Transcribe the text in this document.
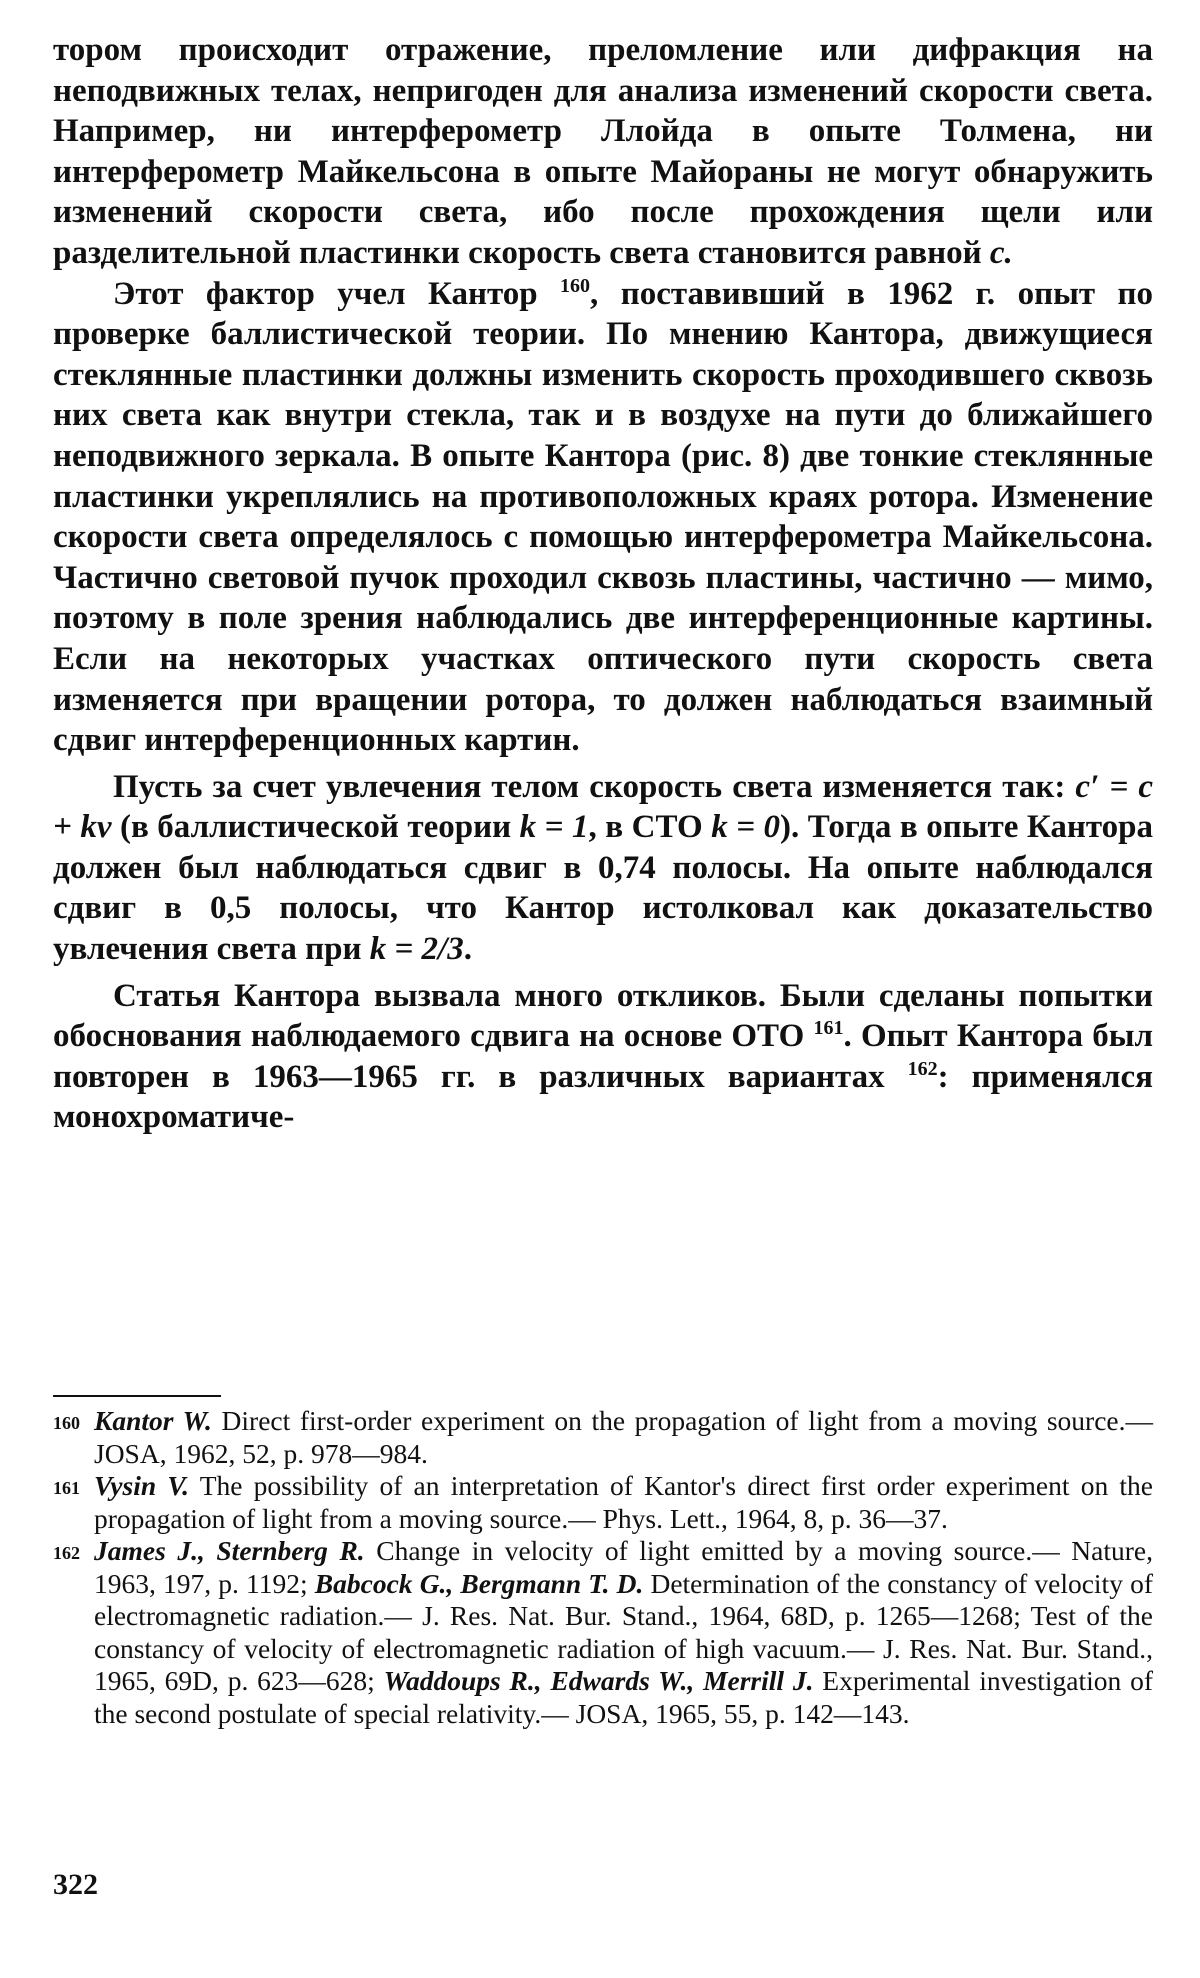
тором происходит отражение, преломление или дифракция на неподвижных телах, непригоден для анализа изменений скорости света. Например, ни интерферометр Ллойда в опыте Толмена, ни интерферометр Майкельсона в опыте Майораны не могут обнаружить изменений скорости света, ибо после прохождения щели или разделительной пластинки скорость света становится равной c.

Этот фактор учел Кантор $^{160}$, поставивший в 1962 г. опыт по проверке баллистической теории. По мнению Кантора, движущиеся стеклянные пластинки должны изменить скорость проходившего сквозь них света как внутри стекла, так и в воздухе на пути до ближайшего неподвижного зеркала. В опыте Кантора (рис. 8) две тонкие стеклянные пластинки укреплялись на противоположных краях ротора. Изменение скорости света определялось с помощью интерферометра Майкельсона. Частично световой пучок проходил сквозь пластины, частично — мимо, поэтому в поле зрения наблюдались две интерференционные картины. Если на некоторых участках оптического пути скорость света изменяется при вращении ротора, то должен наблюдаться взаимный сдвиг интерференционных картин.

Пусть за счет увлечения телом скорость света изменяется так: c′ = c + kv (в баллистической теории k = 1, в СТО k = 0). Тогда в опыте Кантора должен был наблюдаться сдвиг в 0,74 полосы. На опыте наблюдался сдвиг в 0,5 полосы, что Кантор истолковал как доказательство увлечения света при k = 2/3.

Статья Кантора вызвала много откликов. Были сделаны попытки обоснования наблюдаемого сдвига на основе ОТО $^{161}$. Опыт Кантора был повторен в 1963—1965 гг. в различных вариантах $^{162}$: применялся монохроматиче-

160 Kantor W. Direct first-order experiment on the propagation of light from a moving source.— JOSA, 1962, 52, p. 978—984.

161 Vysin V. The possibility of an interpretation of Kantor's direct first order experiment on the propagation of light from a moving source.— Phys. Lett., 1964, 8, p. 36—37.

162 James J., Sternberg R. Change in velocity of light emitted by a moving source.— Nature, 1963, 197, p. 1192; Babcock G., Bergmann T. D. Determination of the constancy of velocity of electromagnetic radiation.— J. Res. Nat. Bur. Stand., 1964, 68D, p. 1265—1268; Test of the constancy of velocity of electromagnetic radiation of high vacuum.— J. Res. Nat. Bur. Stand., 1965, 69D, p. 623—628; Waddoups R., Edwards W., Merrill J. Experimental investigation of the second postulate of special relativity.— JOSA, 1965, 55, p. 142—143.

322
